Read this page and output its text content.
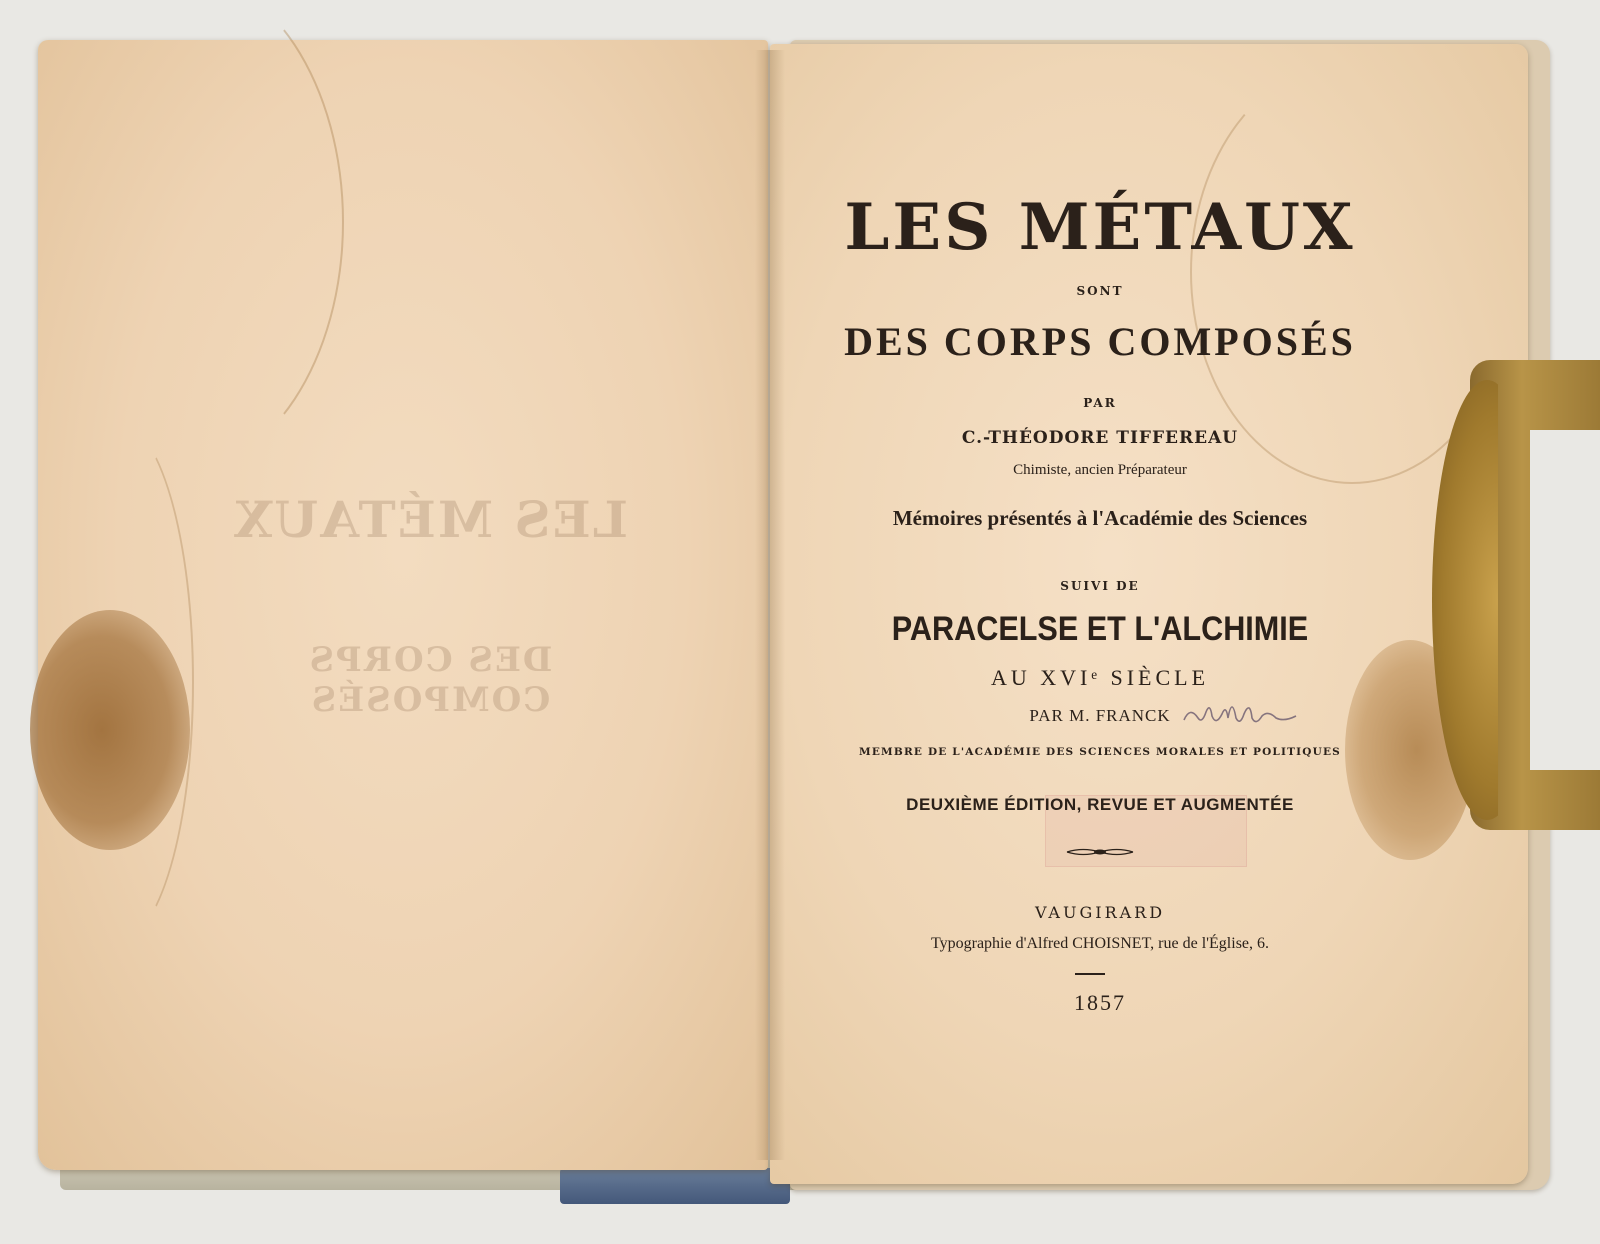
LES MÉTAUX
DES CORPS COMPOSÉS
LES MÉTAUX
SONT
DES CORPS COMPOSÉS
PAR
C.-THÉODORE TIFFEREAU
Chimiste, ancien Préparateur
Mémoires présentés à l'Académie des Sciences
SUIVI DE
PARACELSE ET L'ALCHIMIE
AU XVIᵉ SIÈCLE
PAR M. FRANCK
MEMBRE DE L'ACADÉMIE DES SCIENCES MORALES ET POLITIQUES
DEUXIÈME ÉDITION, REVUE ET AUGMENTÉE
VAUGIRARD
Typographie d'Alfred CHOISNET, rue de l'Église, 6.
1857
